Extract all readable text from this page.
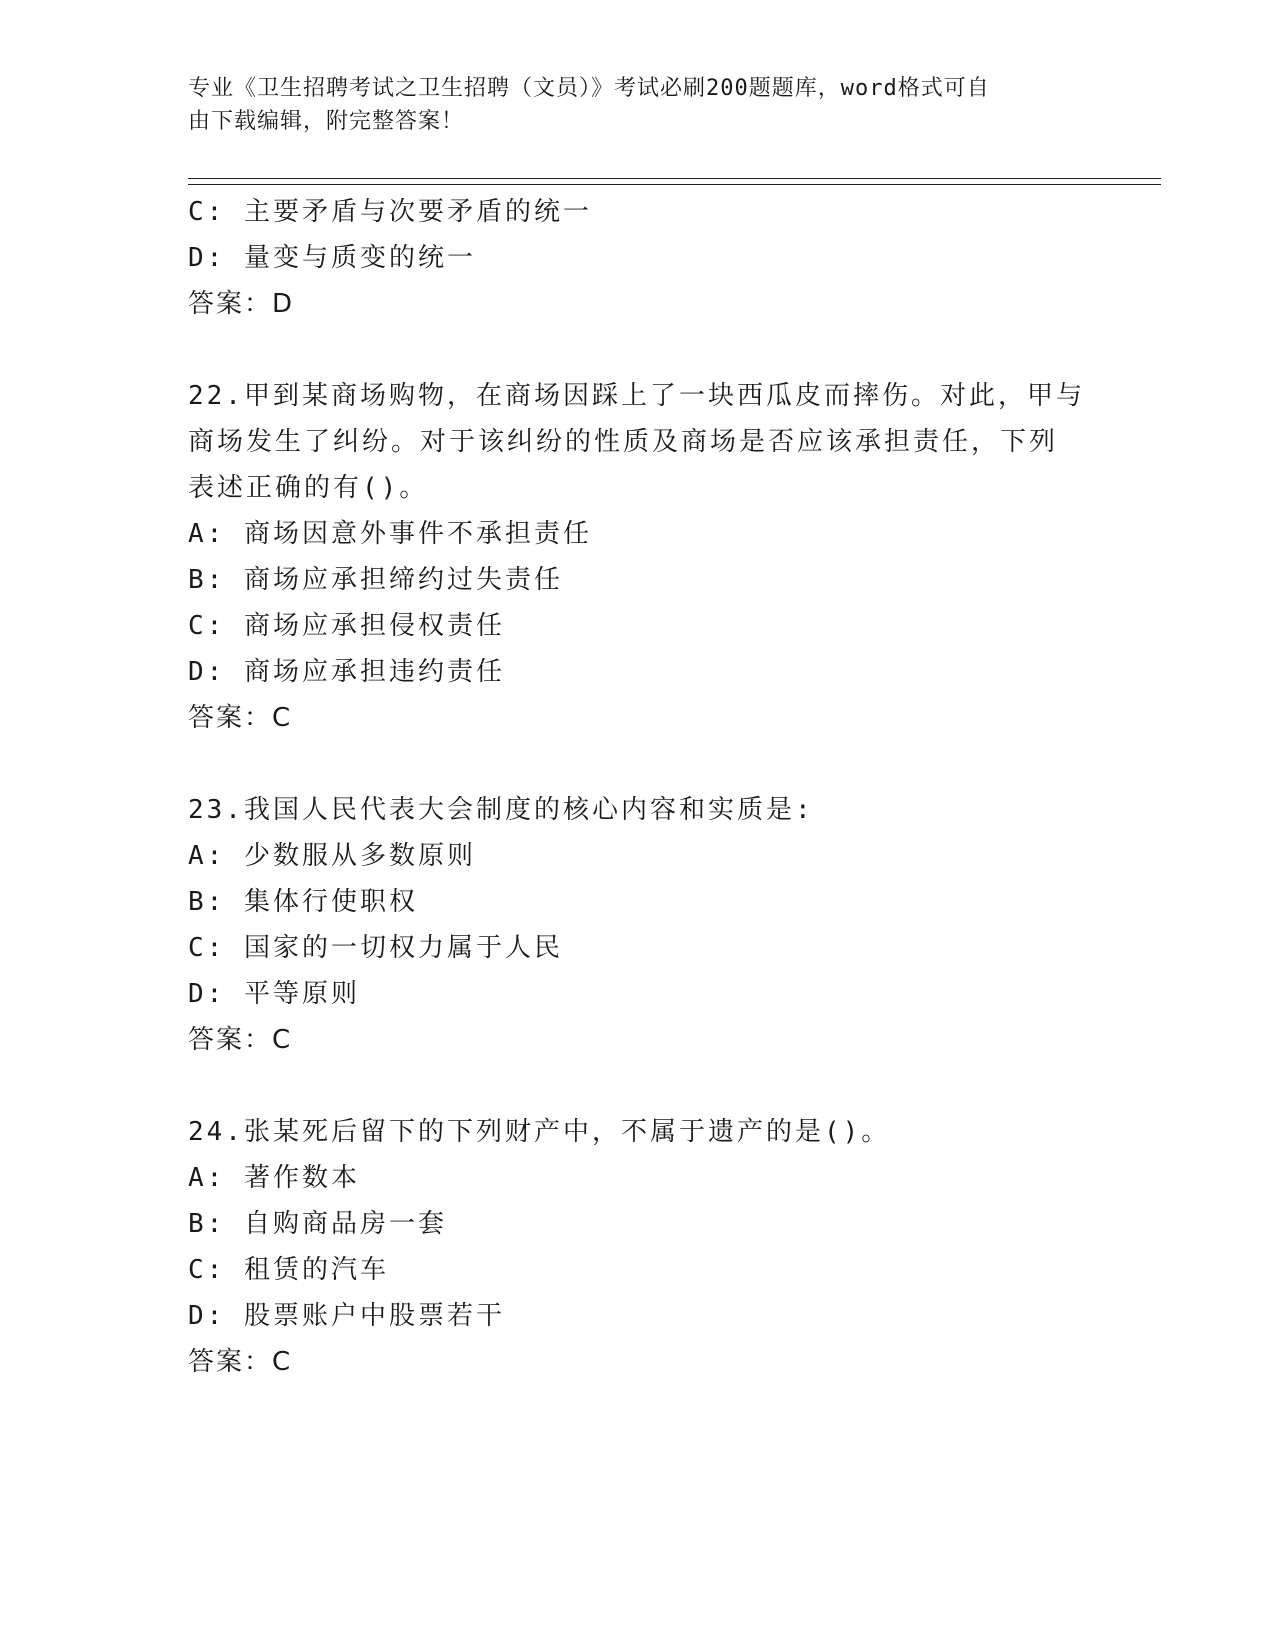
专业《卫生招聘考试之卫生招聘（文员）》考试必刷200题题库，word格式可自
由下载编辑，附完整答案！
C: 主要矛盾与次要矛盾的统一
D: 量变与质变的统一
答案：D
22.甲到某商场购物，在商场因踩上了一块西瓜皮而摔伤。对此，甲与
商场发生了纠纷。对于该纠纷的性质及商场是否应该承担责任，下列
表述正确的有()。
A: 商场因意外事件不承担责任
B: 商场应承担缔约过失责任
C: 商场应承担侵权责任
D: 商场应承担违约责任
答案：C
23.我国人民代表大会制度的核心内容和实质是:
A: 少数服从多数原则
B: 集体行使职权
C: 国家的一切权力属于人民
D: 平等原则
答案：C
24.张某死后留下的下列财产中，不属于遗产的是()。
A: 著作数本
B: 自购商品房一套
C: 租赁的汽车
D: 股票账户中股票若干
答案：C
